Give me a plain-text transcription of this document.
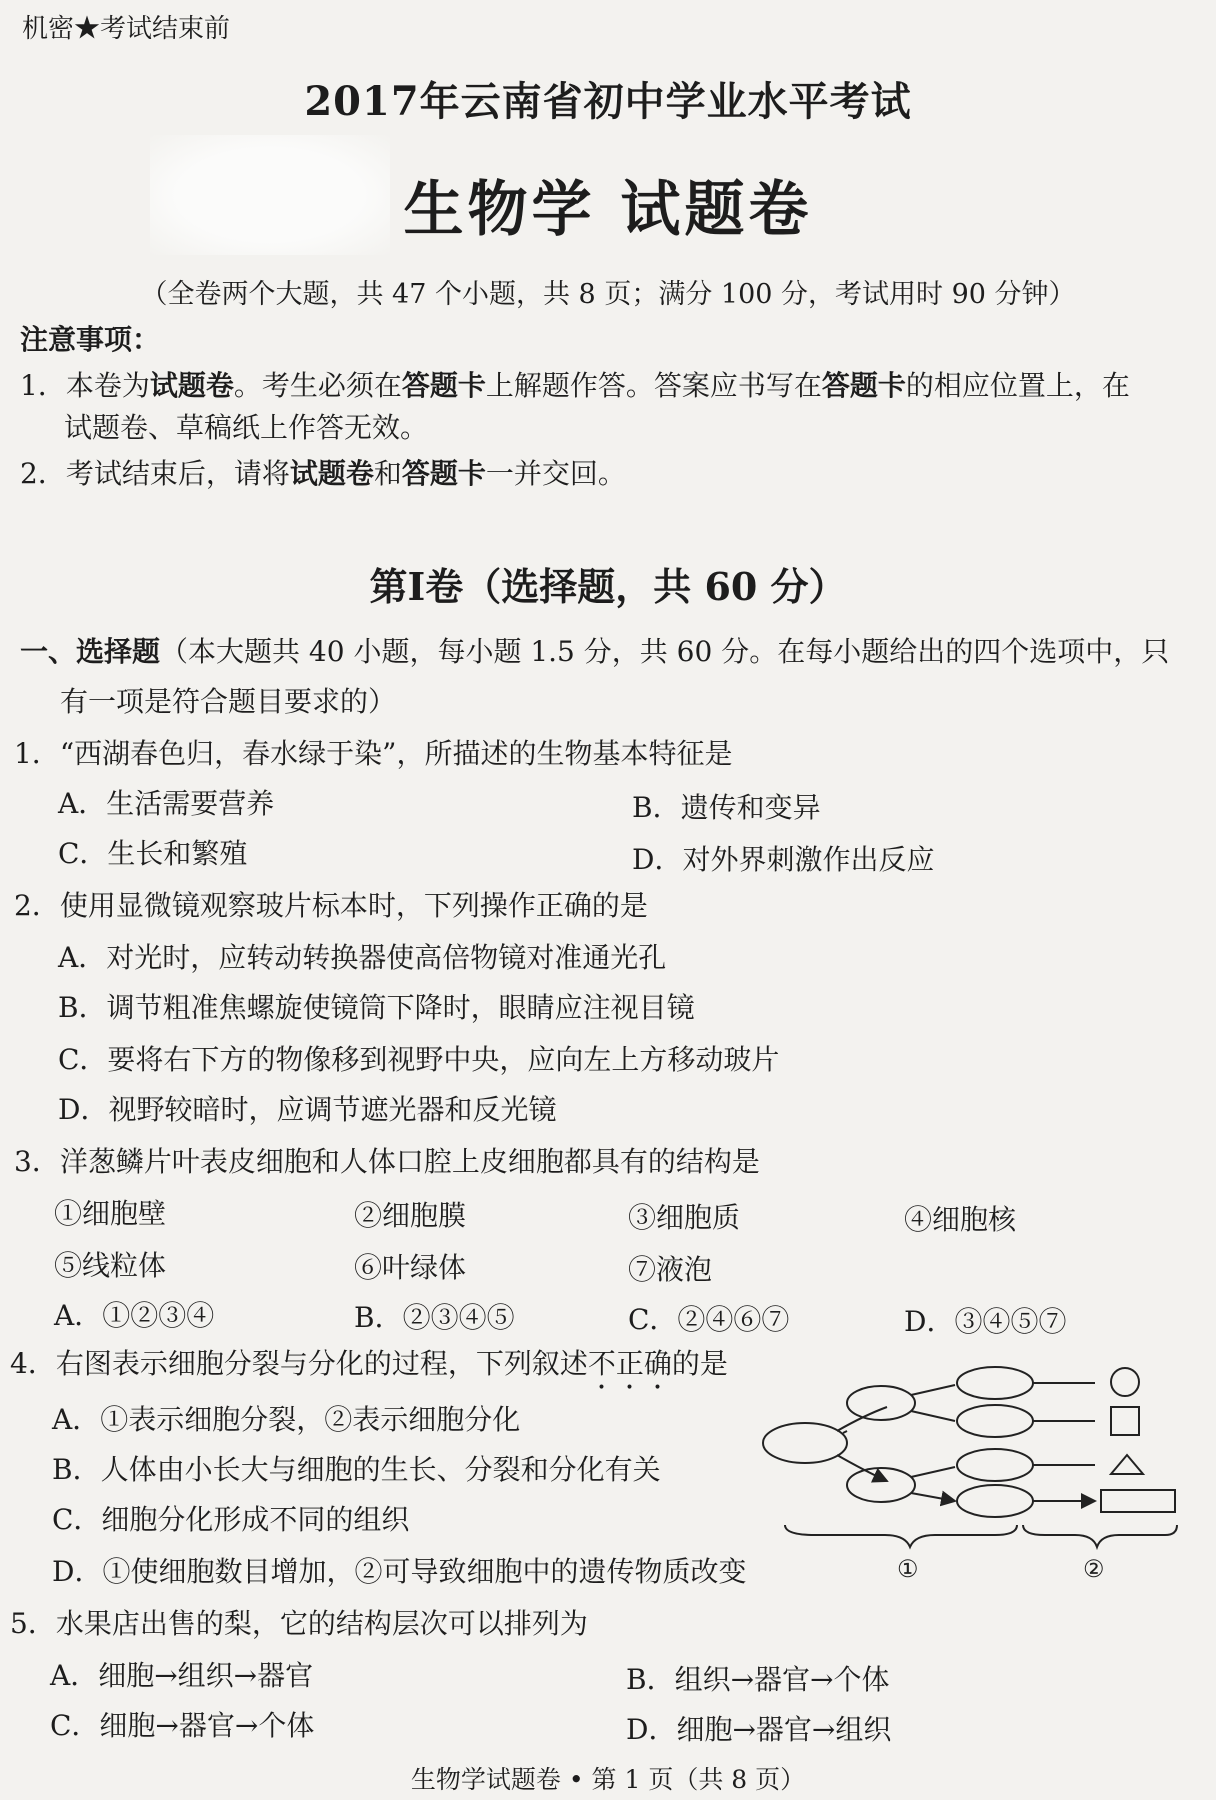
机密★考试结束前
2017年云南省初中学业水平考试
生物学 试题卷
（全卷两个大题，共 47 个小题，共 8 页；满分 100 分，考试用时 90 分钟）
注意事项：
1．本卷为试题卷。考生必须在答题卡上解题作答。答案应书写在答题卡的相应位置上，在
试题卷、草稿纸上作答无效。
2．考试结束后，请将试题卷和答题卡一并交回。
第Ⅰ卷（选择题，共 60 分）
一、选择题（本大题共 40 小题，每小题 1.5 分，共 60 分。在每小题给出的四个选项中，只
有一项是符合题目要求的）
1．“西湖春色归，春水绿于染”，所描述的生物基本特征是
A．生活需要营养	B．遗传和变异
C．生长和繁殖	D．对外界刺激作出反应
2．使用显微镜观察玻片标本时，下列操作正确的是
A．对光时，应转动转换器使高倍物镜对准通光孔
B．调节粗准焦螺旋使镜筒下降时，眼睛应注视目镜
C．要将右下方的物像移到视野中央，应向左上方移动玻片
D．视野较暗时，应调节遮光器和反光镜
3．洋葱鳞片叶表皮细胞和人体口腔上皮细胞都具有的结构是
①细胞壁	②细胞膜	③细胞质	④细胞核
⑤线粒体	⑥叶绿体	⑦液泡
A．①②③④	B．②③④⑤	C．②④⑥⑦	D．③④⑤⑦
4．右图表示细胞分裂与分化的过程，下列叙述不正确的是
A．①表示细胞分裂，②表示细胞分化
B．人体由小长大与细胞的生长、分裂和分化有关
C．细胞分化形成不同的组织
D．①使细胞数目增加，②可导致细胞中的遗传物质改变	①	②
5．水果店出售的梨，它的结构层次可以排列为
A．细胞→组织→器官	B．组织→器官→个体
C．细胞→器官→个体	D．细胞→器官→组织
生物学试题卷 • 第 1 页（共 8 页）
